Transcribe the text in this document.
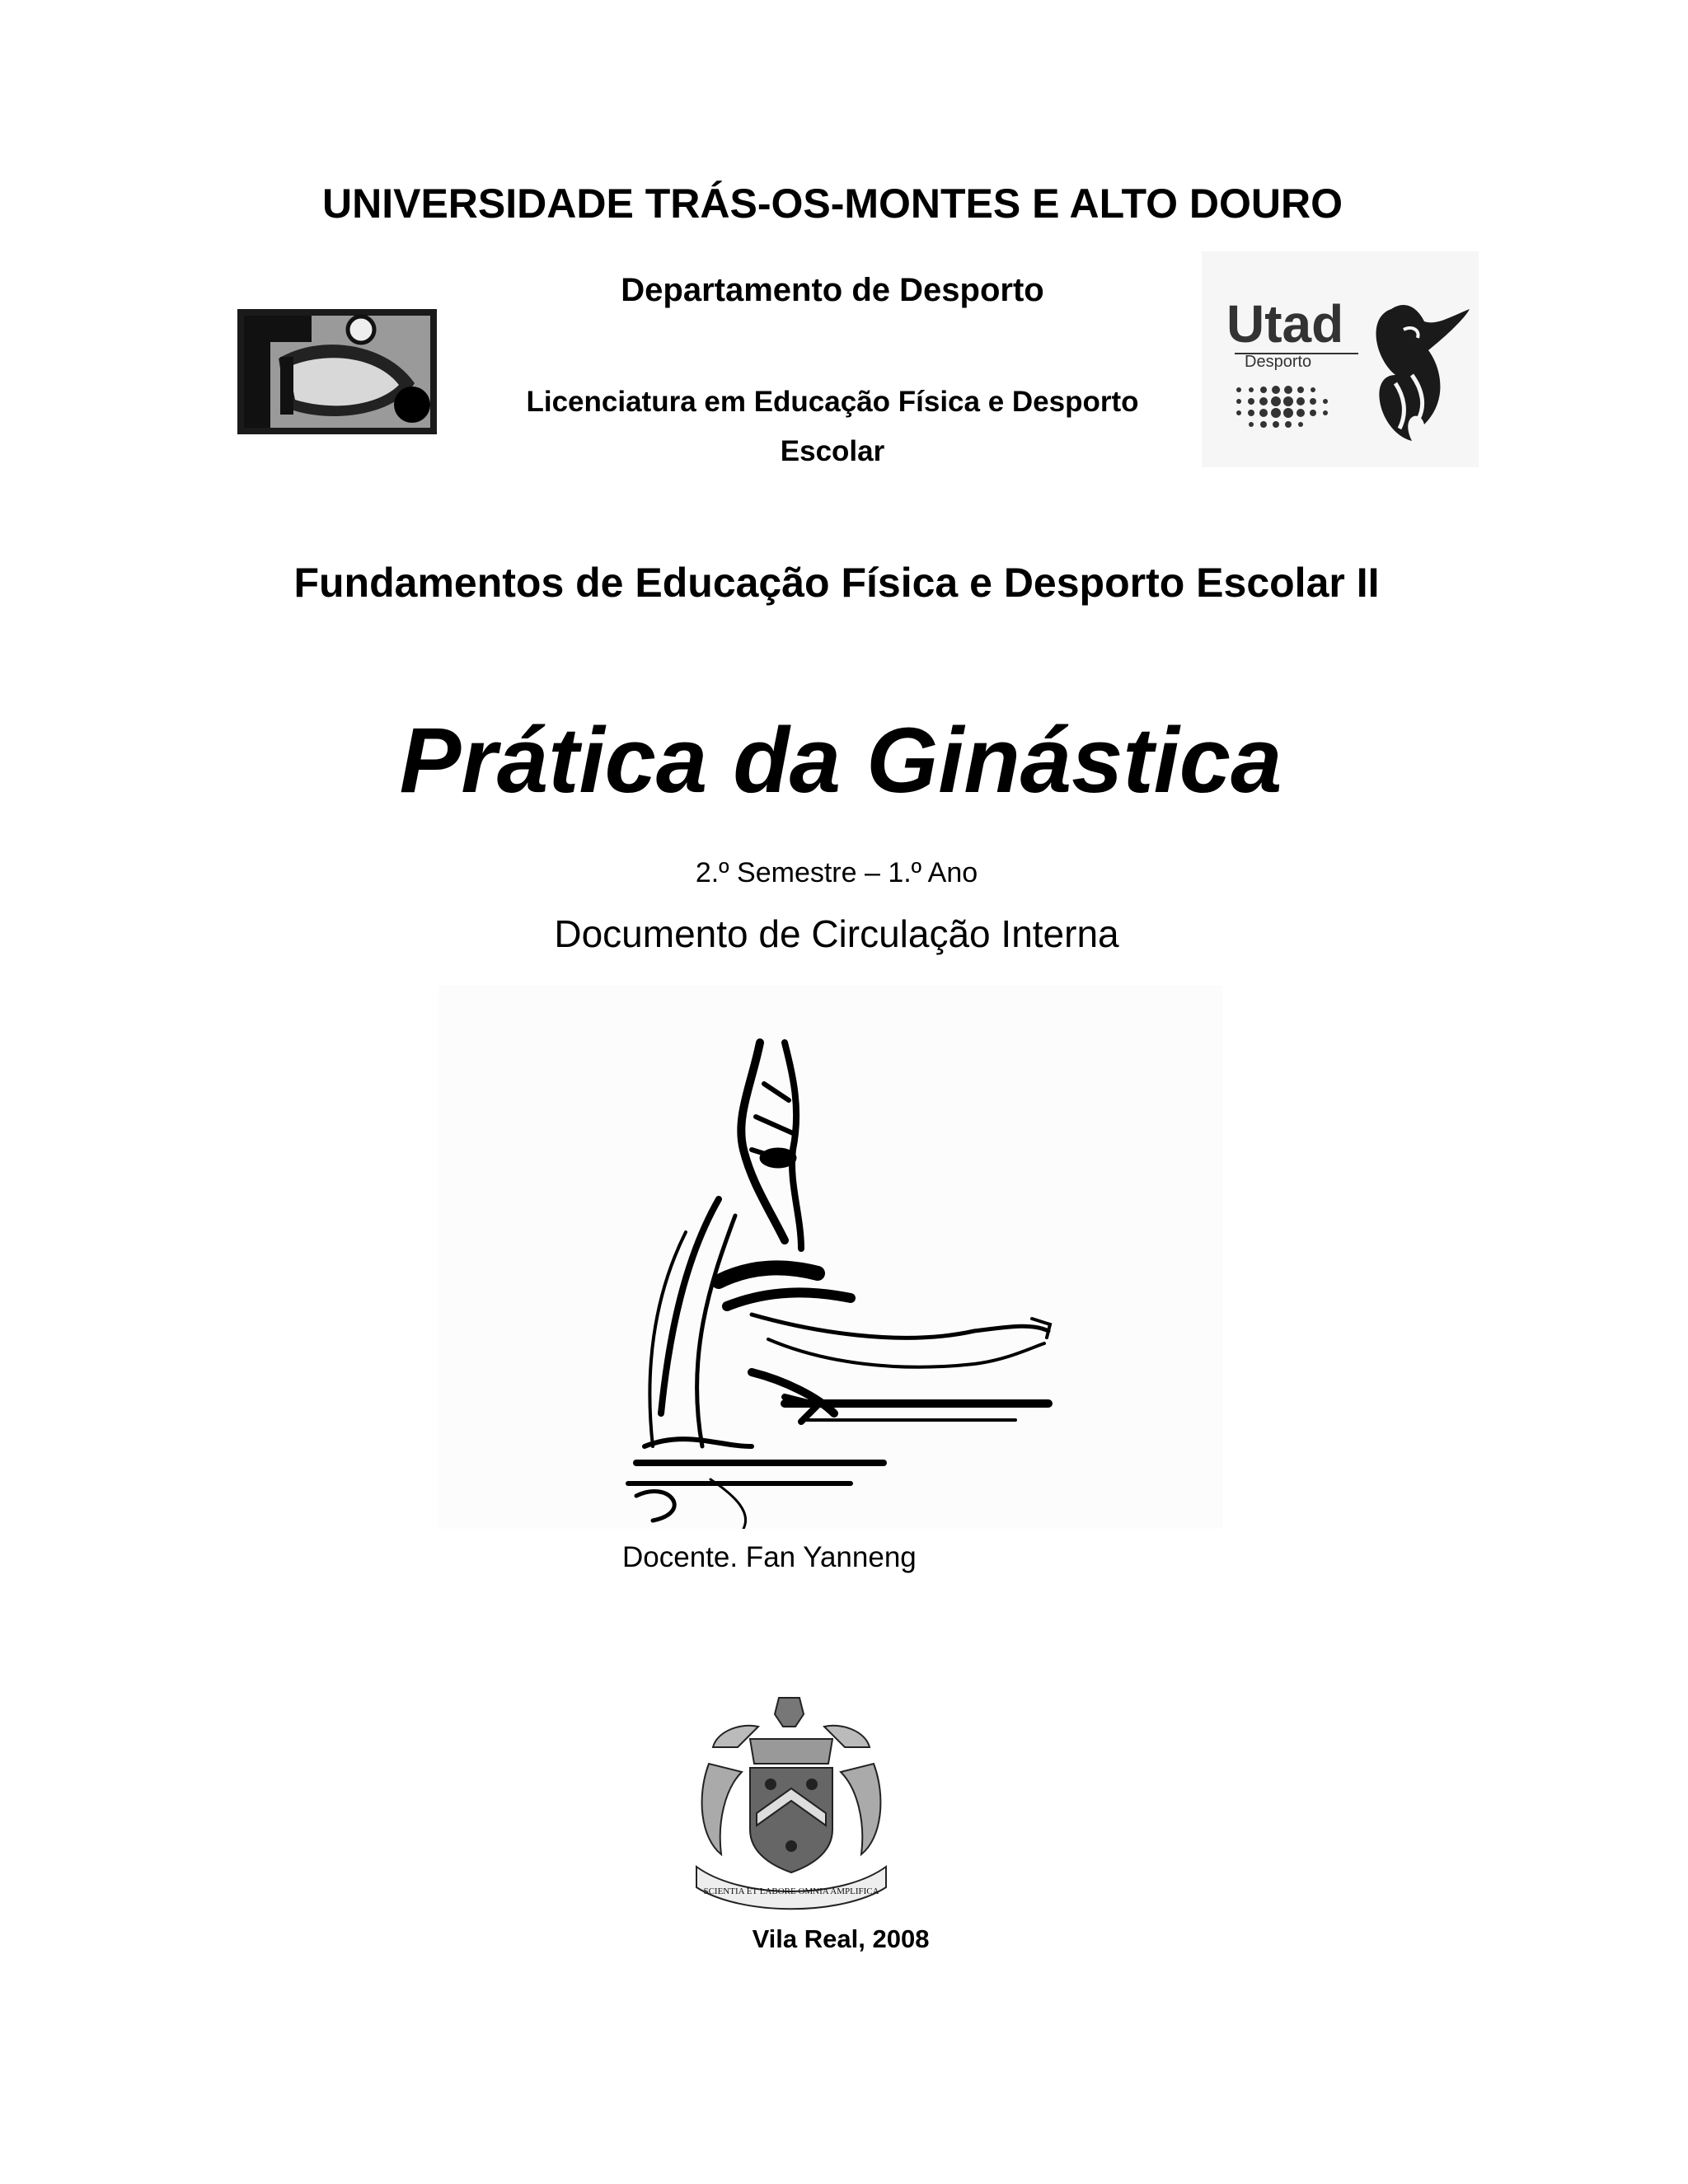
UNIVERSIDADE TRÁS-OS-MONTES E ALTO DOURO
Departamento de Desporto
Licenciatura em Educação Física e Desporto
Escolar
Utad
Desporto
Fundamentos de Educação Física e Desporto Escolar II
Prática da Ginástica
2.º Semestre – 1.º Ano
Documento de Circulação Interna
Docente. Fan Yanneng
SCIENTIA ET LABORE OMNIA AMPLIFICA
Vila Real, 2008
